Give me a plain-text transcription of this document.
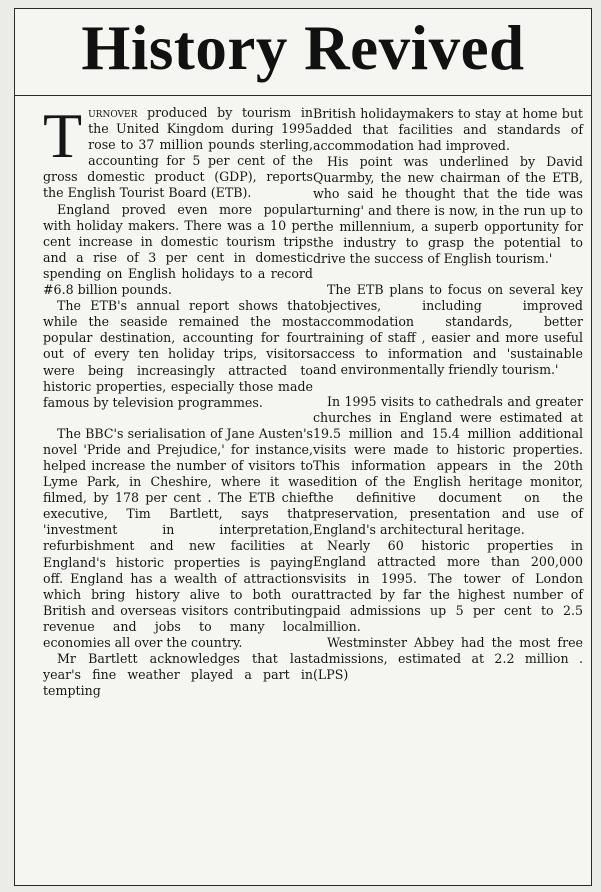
History Revived

Turnover produced by tourism in the United Kingdom during 1995 rose to 37 million pounds sterling, accounting for 5 per cent of the gross domestic product (GDP), reports the English Tourist Board (ETB).

England proved even more popular with holiday makers. There was a 10 per cent increase in domestic tourism trips and a rise of 3 per cent in domestic spending on English holidays to a record #6.8 billion pounds.

The ETB's annual report shows that while the seaside remained the most popular destination, accounting for four out of every ten holiday trips, visitors were being increasingly attracted to historic properties, especially those made famous by television programmes.

The BBC's serialisation of Jane Austen's novel 'Pride and Prejudice,' for instance, helped increase the number of visitors to Lyme Park, in Cheshire, where it was filmed, by 178 per cent . The ETB chief executive, Tim Bartlett, says that 'investment in interpretation, refurbishment and new facilities at England's historic properties is paying off. England has a wealth of attractions which bring history alive to both our British and overseas visitors contributing revenue and jobs to many local economies all over the country.

Mr Bartlett acknowledges that last year's fine weather played a part in tempting

British holidaymakers to stay at home but added that facilities and standards of accommodation had improved.

His point was underlined by David Quarmby, the new chairman of the ETB, who said he thought that the tide was turning' and there is now, in the run up to the millennium, a superb opportunity for the industry to grasp the potential to drive the success of English tourism.'

The ETB plans to focus on several key objectives, including improved accommodation standards, better training of staff , easier and more useful access to information and 'sustainable and environmentally friendly tourism.'

In 1995 visits to cathedrals and greater churches in England were estimated at 19.5 million and 15.4 million additional visits were made to historic properties. This information appears in the 20th edition of the English heritage monitor, the definitive document on the preservation, presentation and use of England's architectural heritage.

Nearly 60 historic properties in England attracted more than 200,000 visits in 1995. The tower of London attracted by far the highest number of paid admissions up 5 per cent to 2.5 million.

Westminster Abbey had the most free admissions, estimated at 2.2 million . (LPS)
